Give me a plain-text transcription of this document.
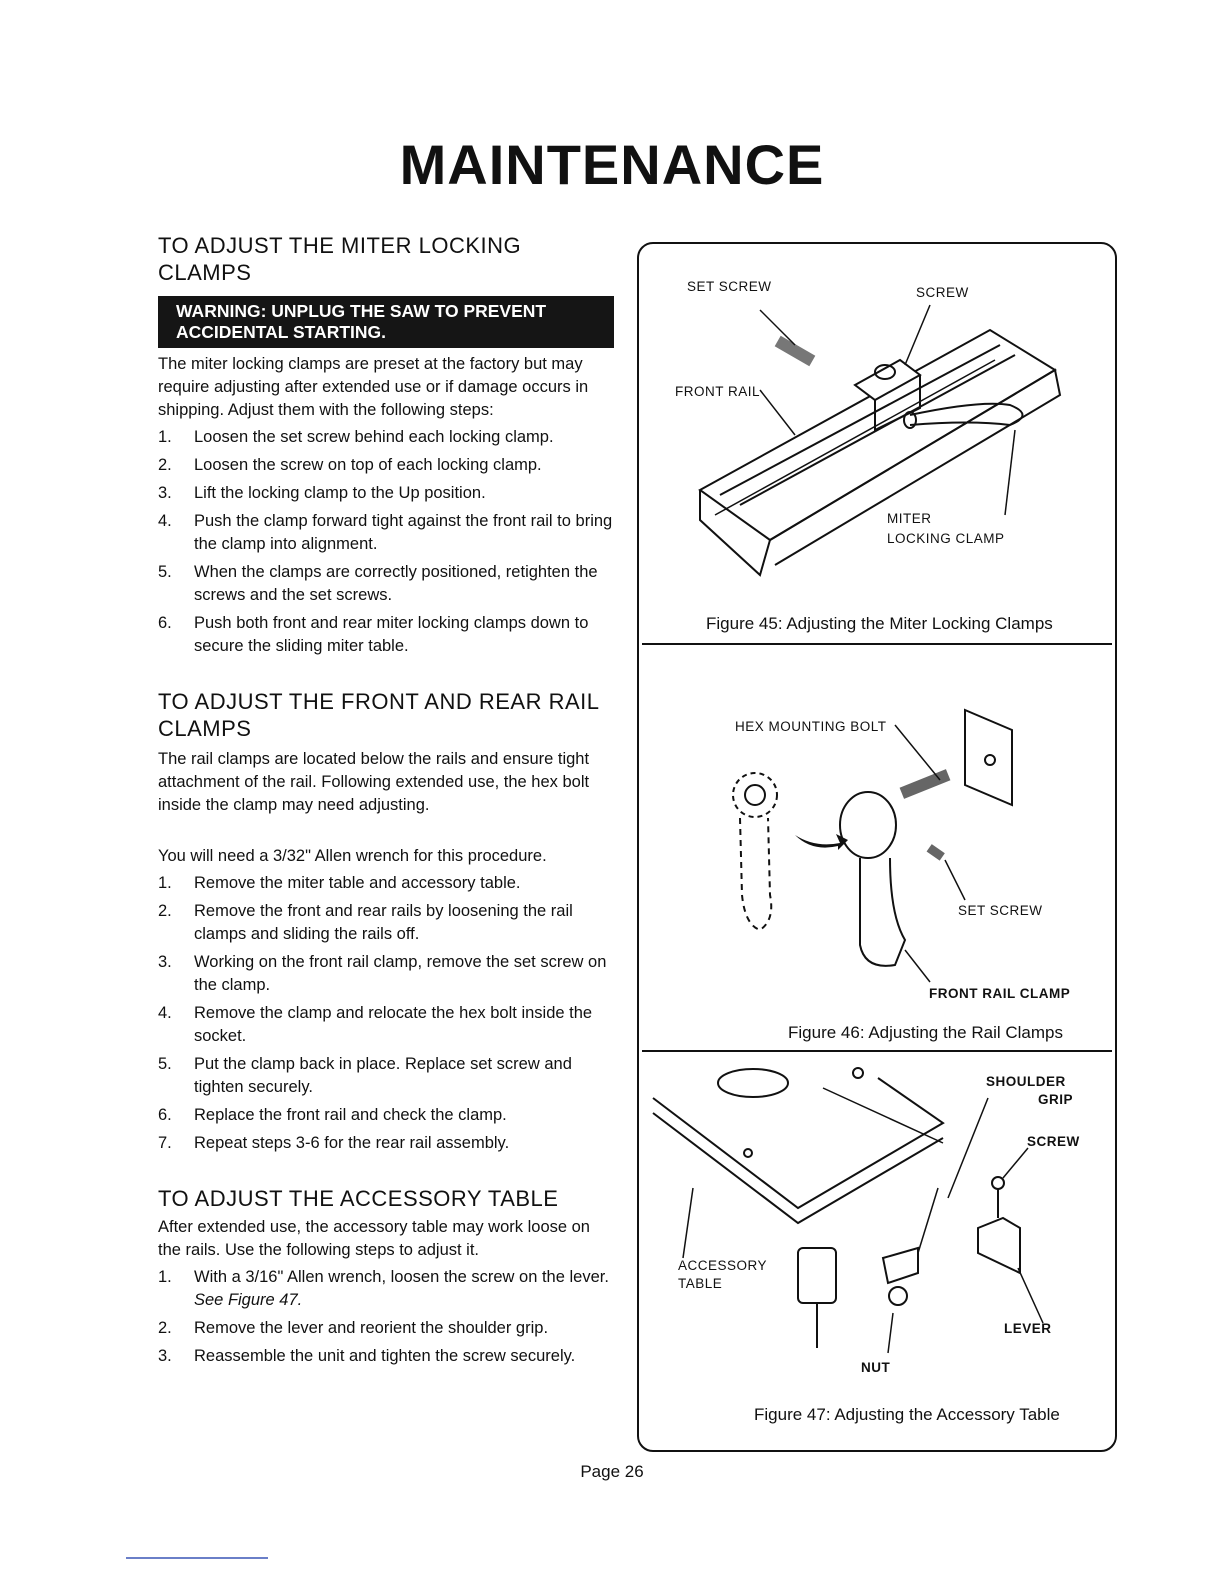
MAINTENANCE
TO ADJUST THE MITER LOCKING CLAMPS
WARNING: UNPLUG THE SAW TO PREVENT ACCIDENTAL STARTING.

The miter locking clamps are preset at the factory but may require adjusting after extended use or if damage occurs in shipping. Adjust them with the following steps:

1. Loosen the set screw behind each locking clamp.
2. Loosen the screw on top of each locking clamp.
3. Lift the locking clamp to the Up position.
4. Push the clamp forward tight against the front rail to bring the clamp into alignment.
5. When the clamps are correctly positioned, retighten the screws and the set screws.
6. Push both front and rear miter locking clamps down to secure the sliding miter table.
TO ADJUST THE FRONT AND REAR RAIL CLAMPS

The rail clamps are located below the rails and ensure tight attachment of the rail. Following extended use, the hex bolt inside the clamp may need adjusting.

You will need a 3/32" Allen wrench for this procedure.

1. Remove the miter table and accessory table.
2. Remove the front and rear rails by loosening the rail clamps and sliding the rails off.
3. Working on the front rail clamp, remove the set screw on the clamp.
4. Remove the clamp and relocate the hex bolt inside the socket.
5. Put the clamp back in place. Replace set screw and tighten securely.
6. Replace the front rail and check the clamp.
7. Repeat steps 3-6 for the rear rail assembly.
TO ADJUST THE ACCESSORY TABLE

After extended use, the accessory table may work loose on the rails. Use the following steps to adjust it.

1. With a 3/16" Allen wrench, loosen the screw on the lever. See Figure 47.
2. Remove the lever and reorient the shoulder grip.
3. Reassemble the unit and tighten the screw securely.
SET SCREW	SCREW
FRONT RAIL
MITER
LOCKING CLAMP
Figure 45: Adjusting the Miter Locking Clamps
HEX MOUNTING BOLT
SET SCREW
FRONT RAIL CLAMP
Figure 46: Adjusting the Rail Clamps
SHOULDER
GRIP
SCREW
ACCESSORY
TABLE
LEVER
NUT
Figure 47: Adjusting the Accessory Table
Page 26
